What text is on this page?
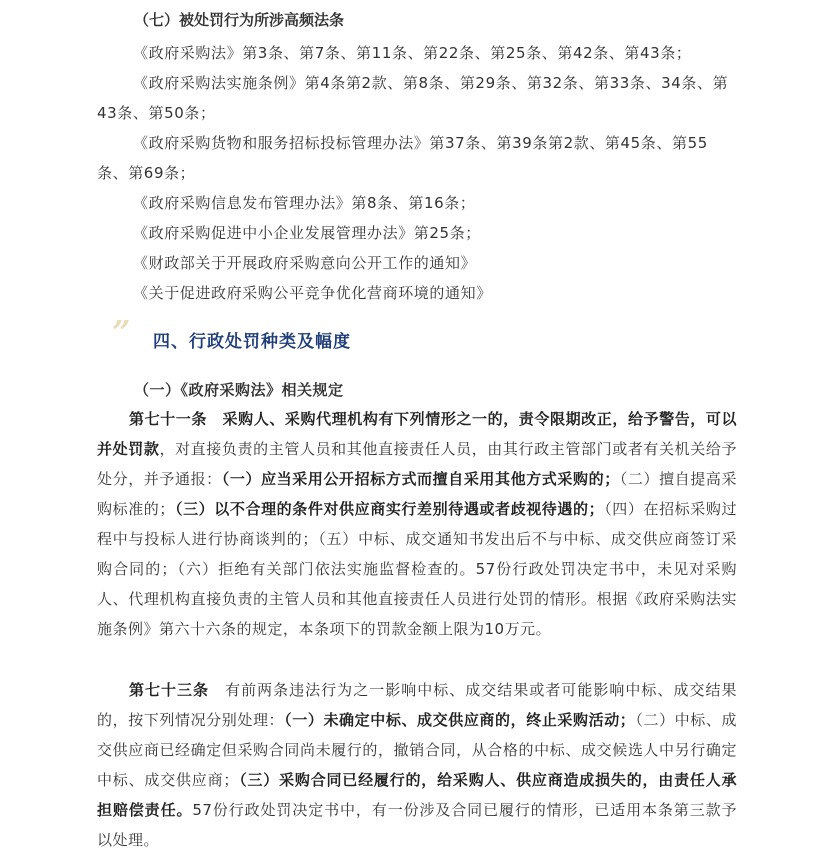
（七）被处罚行为所涉高频法条

《政府采购法》第3条、第7条、第11条、第22条、第25条、第42条、第43条；

《政府采购法实施条例》第4条第2款、第8条、第29条、第32条、第33条、34条、第43条、第50条；

《政府采购货物和服务招标投标管理办法》第37条、第39条第2款、第45条、第55条、第69条；

《政府采购信息发布管理办法》第8条、第16条；

《政府采购促进中小企业发展管理办法》第25条；

《财政部关于开展政府采购意向公开工作的通知》

《关于促进政府采购公平竞争优化营商环境的通知》

”	四、行政处罚种类及幅度
（一）《政府采购法》相关规定

第七十一条　采购人、采购代理机构有下列情形之一的，责令限期改正，给予警告，可以并处罚款，对直接负责的主管人员和其他直接责任人员，由其行政主管部门或者有关机关给予处分，并予通报：（一）应当采用公开招标方式而擅自采用其他方式采购的；（二）擅自提高采购标准的；（三）以不合理的条件对供应商实行差别待遇或者歧视待遇的；（四）在招标采购过程中与投标人进行协商谈判的；（五）中标、成交通知书发出后不与中标、成交供应商签订采购合同的；（六）拒绝有关部门依法实施监督检查的。57份行政处罚决定书中，未见对采购人、代理机构直接负责的主管人员和其他直接责任人员进行处罚的情形。根据《政府采购法实施条例》第六十六条的规定，本条项下的罚款金额上限为10万元。

第七十三条　有前两条违法行为之一影响中标、成交结果或者可能影响中标、成交结果的，按下列情况分别处理：（一）未确定中标、成交供应商的，终止采购活动；（二）中标、成交供应商已经确定但采购合同尚未履行的，撤销合同，从合格的中标、成交候选人中另行确定中标、成交供应商；（三）采购合同已经履行的，给采购人、供应商造成损失的，由责任人承担赔偿责任。57份行政处罚决定书中，有一份涉及合同已履行的情形，已适用本条第三款予以处理。
